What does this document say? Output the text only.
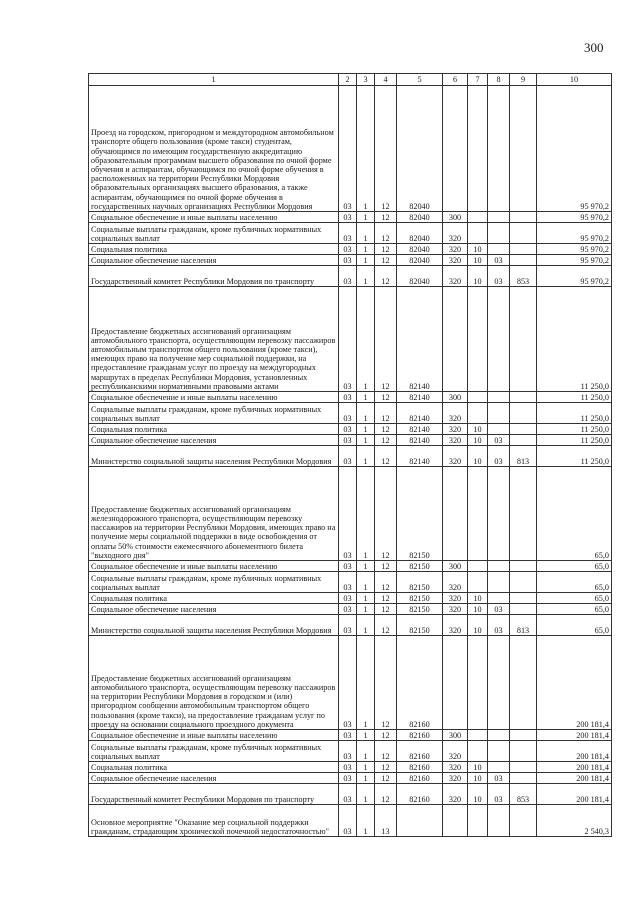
300
1	2	3	4	5	6	7	8	9	10
Проезд на городском, пригородном и междугородном автомобильном транспорте общего пользования (кроме такси) студентам, обучающимся по имеющим государственную аккредитацию образовательным программам высшего образования по очной форме обучения и аспирантам, обучающимся по очной форме обучения в расположенных на территории Республики Мордовия образовательных организациях высшего образования, а также аспирантам, обучающимся по очной форме обучения в государственных научных организациях Республики Мордовия	03	1	12	82040					95 970,2
Социальное обеспечение и иные выплаты населению	03	1	12	82040	300				95 970,2
Социальные выплаты гражданам, кроме публичных нормативных социальных выплат	03	1	12	82040	320				95 970,2
Социальная политика	03	1	12	82040	320	10			95 970,2
Социальное обеспечение населения	03	1	12	82040	320	10	03		95 970,2
Государственный комитет Республики Мордовия по транспорту	03	1	12	82040	320	10	03	853	95 970,2
Предоставление бюджетных ассигнований организациям автомобильного транспорта, осуществляющим перевозку пассажиров автомобильным транспортом общего пользования (кроме такси), имеющих право на получение мер социальной поддержки, на предоставление гражданам услуг по проезду на междугородных маршрутах в пределах Республики Мордовия, установленных республиканскими нормативными правовыми актами	03	1	12	82140					11 250,0
Социальное обеспечение и иные выплаты населению	03	1	12	82140	300				11 250,0
Социальные выплаты гражданам, кроме публичных нормативных социальных выплат	03	1	12	82140	320				11 250,0
Социальная политика	03	1	12	82140	320	10			11 250,0
Социальное обеспечение населения	03	1	12	82140	320	10	03		11 250,0
Министерство социальной защиты населения Республики Мордовия	03	1	12	82140	320	10	03	813	11 250,0
Предоставление бюджетных ассигнований организациям железнодорожного транспорта, осуществляющим перевозку пассажиров на территории Республики Мордовия, имеющих право на получение меры социальной поддержки в виде освобождения от оплаты 50% стоимости ежемесячного абонементного билета "выходного дня"	03	1	12	82150					65,0
Социальное обеспечение и иные выплаты населению	03	1	12	82150	300				65,0
Социальные выплаты гражданам, кроме публичных нормативных социальных выплат	03	1	12	82150	320				65,0
Социальная политика	03	1	12	82150	320	10			65,0
Социальное обеспечение населения	03	1	12	82150	320	10	03		65,0
Министерство социальной защиты населения Республики Мордовия	03	1	12	82150	320	10	03	813	65,0
Предоставление бюджетных ассигнований организациям автомобильного транспорта, осуществляющим перевозку пассажиров на территории Республики Мордовия в городском и (или) пригородном сообщении автомобильным транспортом общего пользования (кроме такси), на предоставление гражданам услуг по проезду на основании социального проездного документа	03	1	12	82160					200 181,4
Социальное обеспечение и иные выплаты населению	03	1	12	82160	300				200 181,4
Социальные выплаты гражданам, кроме публичных нормативных социальных выплат	03	1	12	82160	320				200 181,4
Социальная политика	03	1	12	82160	320	10			200 181,4
Социальное обеспечение населения	03	1	12	82160	320	10	03		200 181,4
Государственный комитет Республики Мордовия по транспорту	03	1	12	82160	320	10	03	853	200 181,4
Основное мероприятие "Оказание мер социальной поддержки гражданам, страдающим хронической почечной недостаточностью"	03	1	13						2 540,3
